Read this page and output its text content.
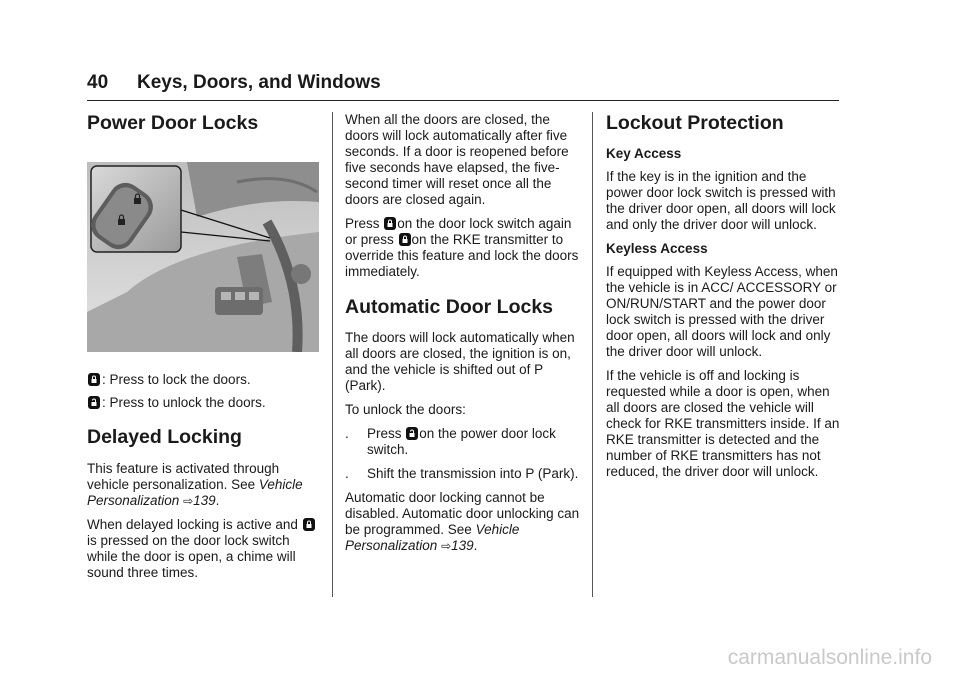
40 Keys, Doors, and Windows
Power Door Locks
: Press to lock the doors.
: Press to unlock the doors.
Delayed Locking

This feature is activated through vehicle personalization. See Vehicle Personalization ⇨139.

When delayed locking is active and is pressed on the door lock switch while the door is open, a chime will sound three times.

When all the doors are closed, the doors will lock automatically after five seconds. If a door is reopened before five seconds have elapsed, the five-second timer will reset once all the doors are closed again.

Press on the door lock switch again or press on the RKE transmitter to override this feature and lock the doors immediately.

Automatic Door Locks

The doors will lock automatically when all doors are closed, the ignition is on, and the vehicle is shifted out of P (Park).

To unlock the doors:

.	Press on the power door lock switch.
.	Shift the transmission into P (Park).

Automatic door locking cannot be disabled. Automatic door unlocking can be programmed. See Vehicle Personalization ⇨139.

Lockout Protection
Key Access

If the key is in the ignition and the power door lock switch is pressed with the driver door open, all doors will lock and only the driver door will unlock.

Keyless Access

If equipped with Keyless Access, when the vehicle is in ACC/ ACCESSORY or ON/RUN/START and the power door lock switch is pressed with the driver door open, all doors will lock and only the driver door will unlock.

If the vehicle is off and locking is requested while a door is open, when all doors are closed the vehicle will check for RKE transmitters inside. If an RKE transmitter is detected and the number of RKE transmitters has not reduced, the driver door will unlock.

carmanualsonline.info
